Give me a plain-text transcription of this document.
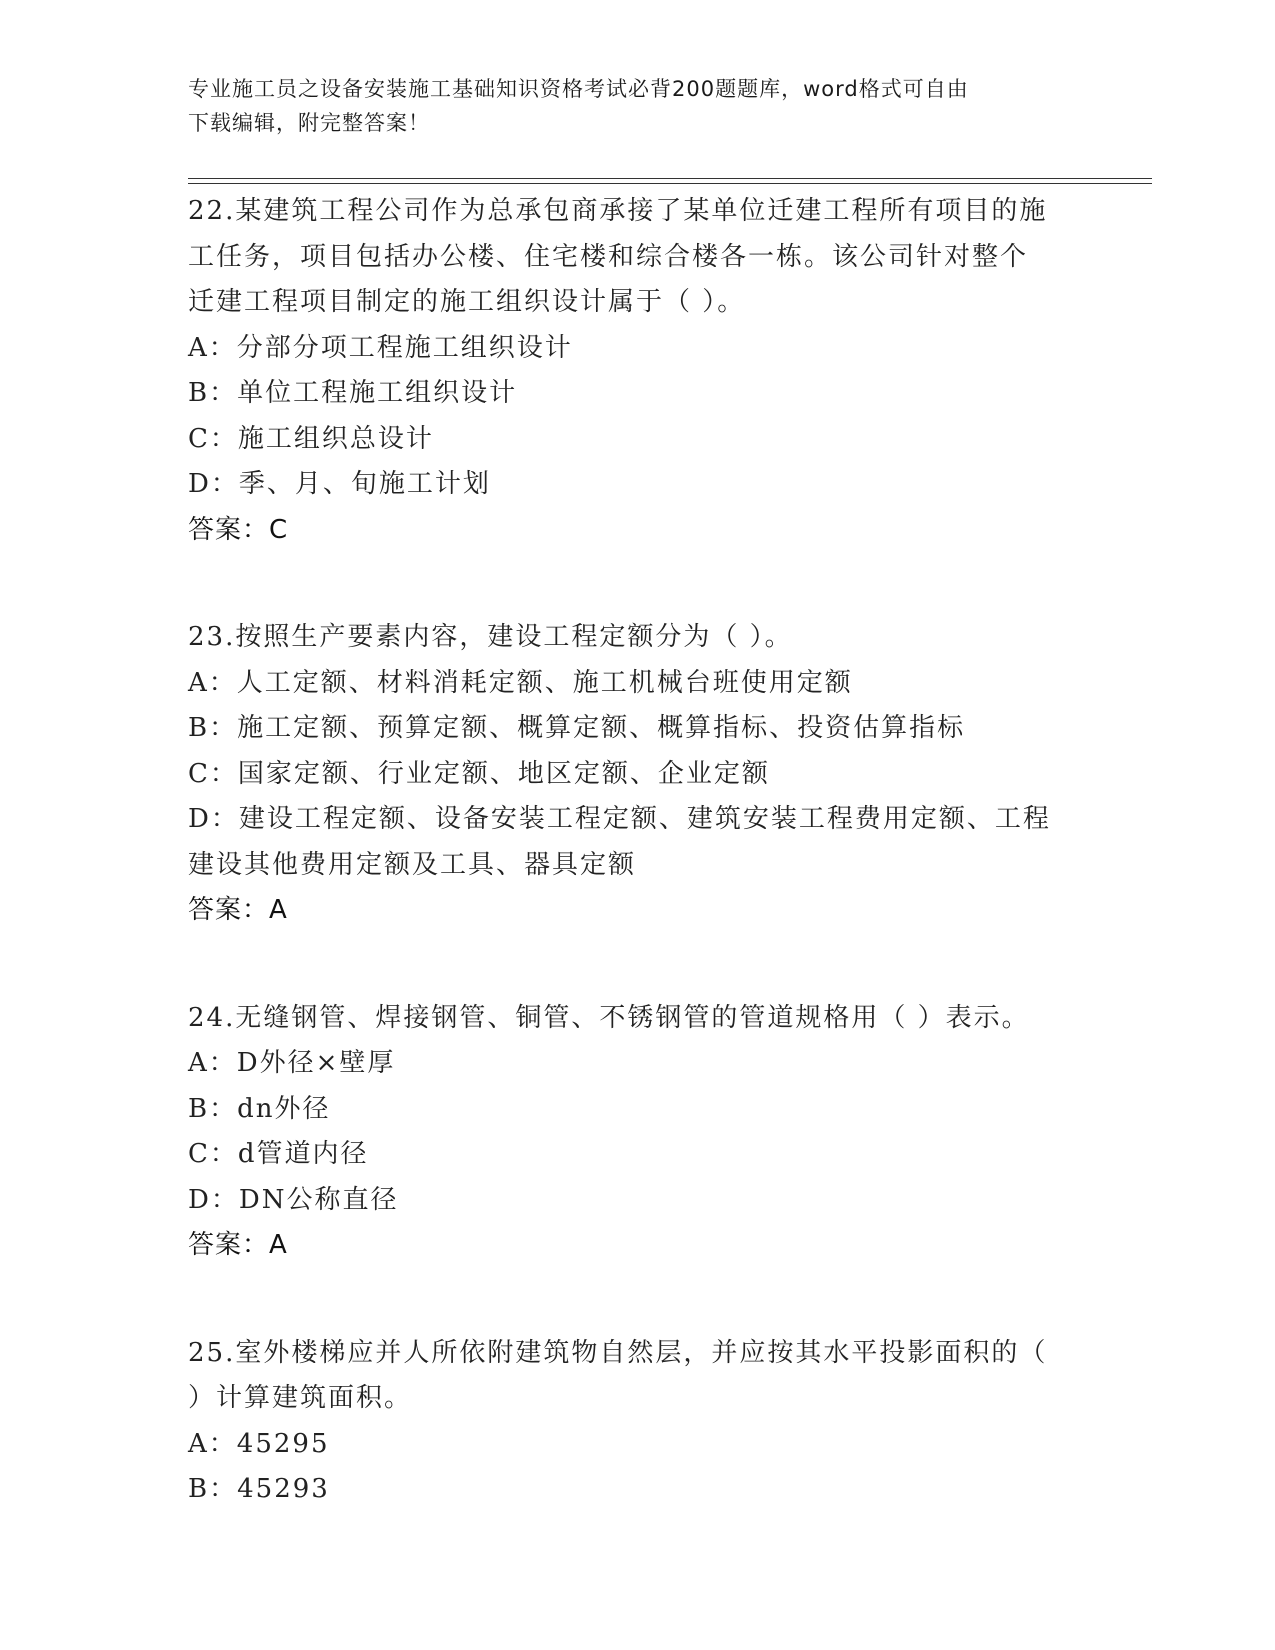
专业施工员之设备安装施工基础知识资格考试必背200题题库，word格式可自由
下载编辑，附完整答案！
22.某建筑工程公司作为总承包商承接了某单位迁建工程所有项目的施
工任务，项目包括办公楼、住宅楼和综合楼各一栋。该公司针对整个
迁建工程项目制定的施工组织设计属于（ ）。
A：分部分项工程施工组织设计
B：单位工程施工组织设计
C：施工组织总设计
D：季、月、旬施工计划
答案：C
23.按照生产要素内容，建设工程定额分为（ ）。
A：人工定额、材料消耗定额、施工机械台班使用定额
B：施工定额、预算定额、概算定额、概算指标、投资估算指标
C：国家定额、行业定额、地区定额、企业定额
D：建设工程定额、设备安装工程定额、建筑安装工程费用定额、工程
建设其他费用定额及工具、器具定额
答案：A
24.无缝钢管、焊接钢管、铜管、不锈钢管的管道规格用（ ）表示。
A：D外径×壁厚
B：dn外径
C：d管道内径
D：DN公称直径
答案：A
25.室外楼梯应并人所依附建筑物自然层，并应按其水平投影面积的（
）计算建筑面积。
A：45295
B：45293
